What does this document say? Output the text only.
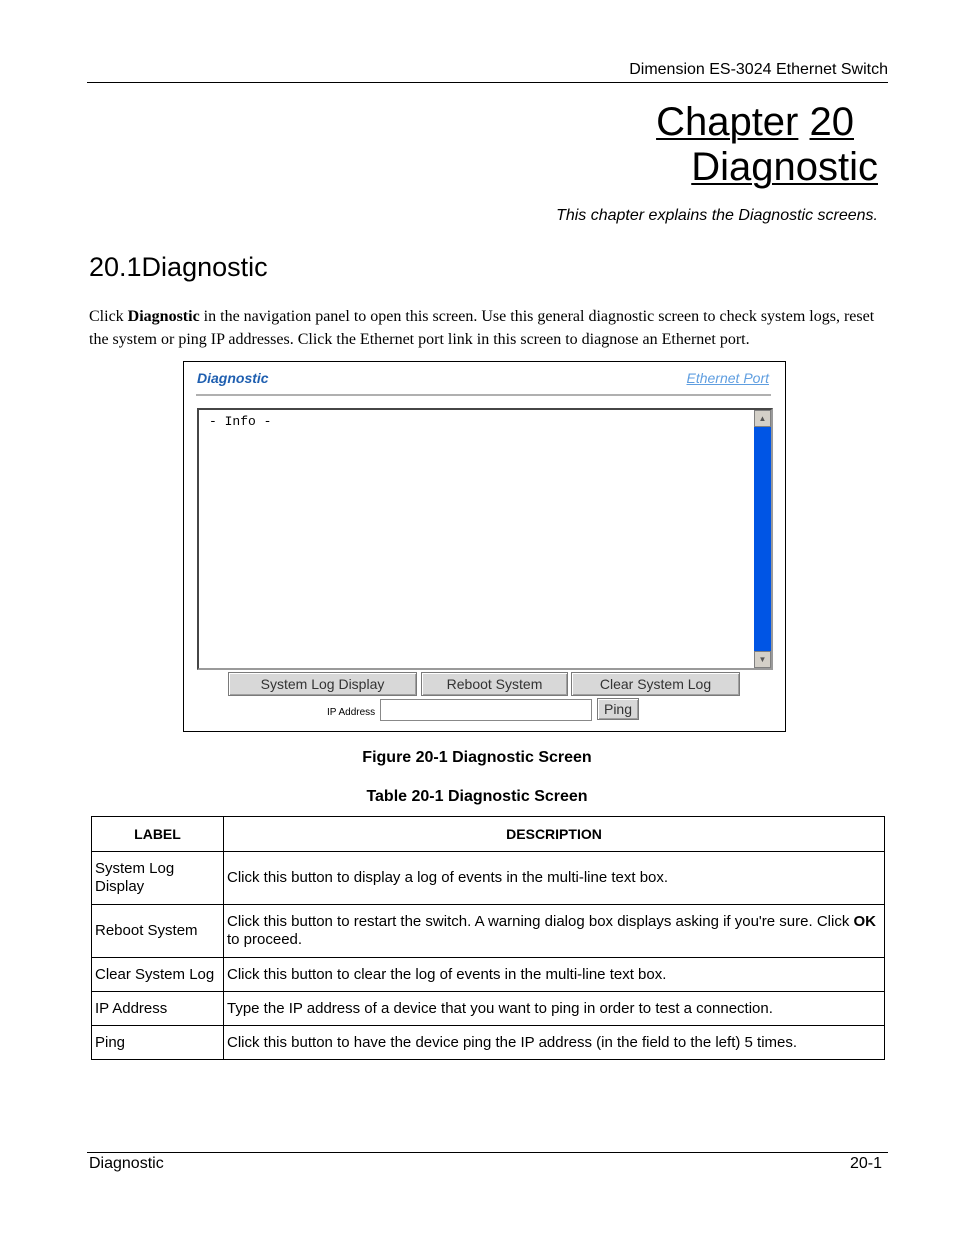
Dimension ES-3024 Ethernet Switch
Chapter 20
Diagnostic
This chapter explains the Diagnostic screens.
20.1Diagnostic
Click Diagnostic in the navigation panel to open this screen. Use this general diagnostic screen to check system logs, reset the system or ping IP addresses. Click the Ethernet port link in this screen to diagnose an Ethernet port.
Diagnostic	Ethernet Port
- Info -	▲
▼
System Log Display	Reboot System	Clear System Log
IP Address	Ping
Figure 20-1 Diagnostic Screen
Table 20-1 Diagnostic Screen
LABEL	DESCRIPTION
System Log Display	Click this button to display a log of events in the multi-line text box.
Reboot System	Click this button to restart the switch. A warning dialog box displays asking if you're sure. Click OK to proceed.
Clear System Log	Click this button to clear the log of events in the multi-line text box.
IP Address	Type the IP address of a device that you want to ping in order to test a connection.
Ping	Click this button to have the device ping the IP address (in the field to the left) 5 times.
Diagnostic	20-1
